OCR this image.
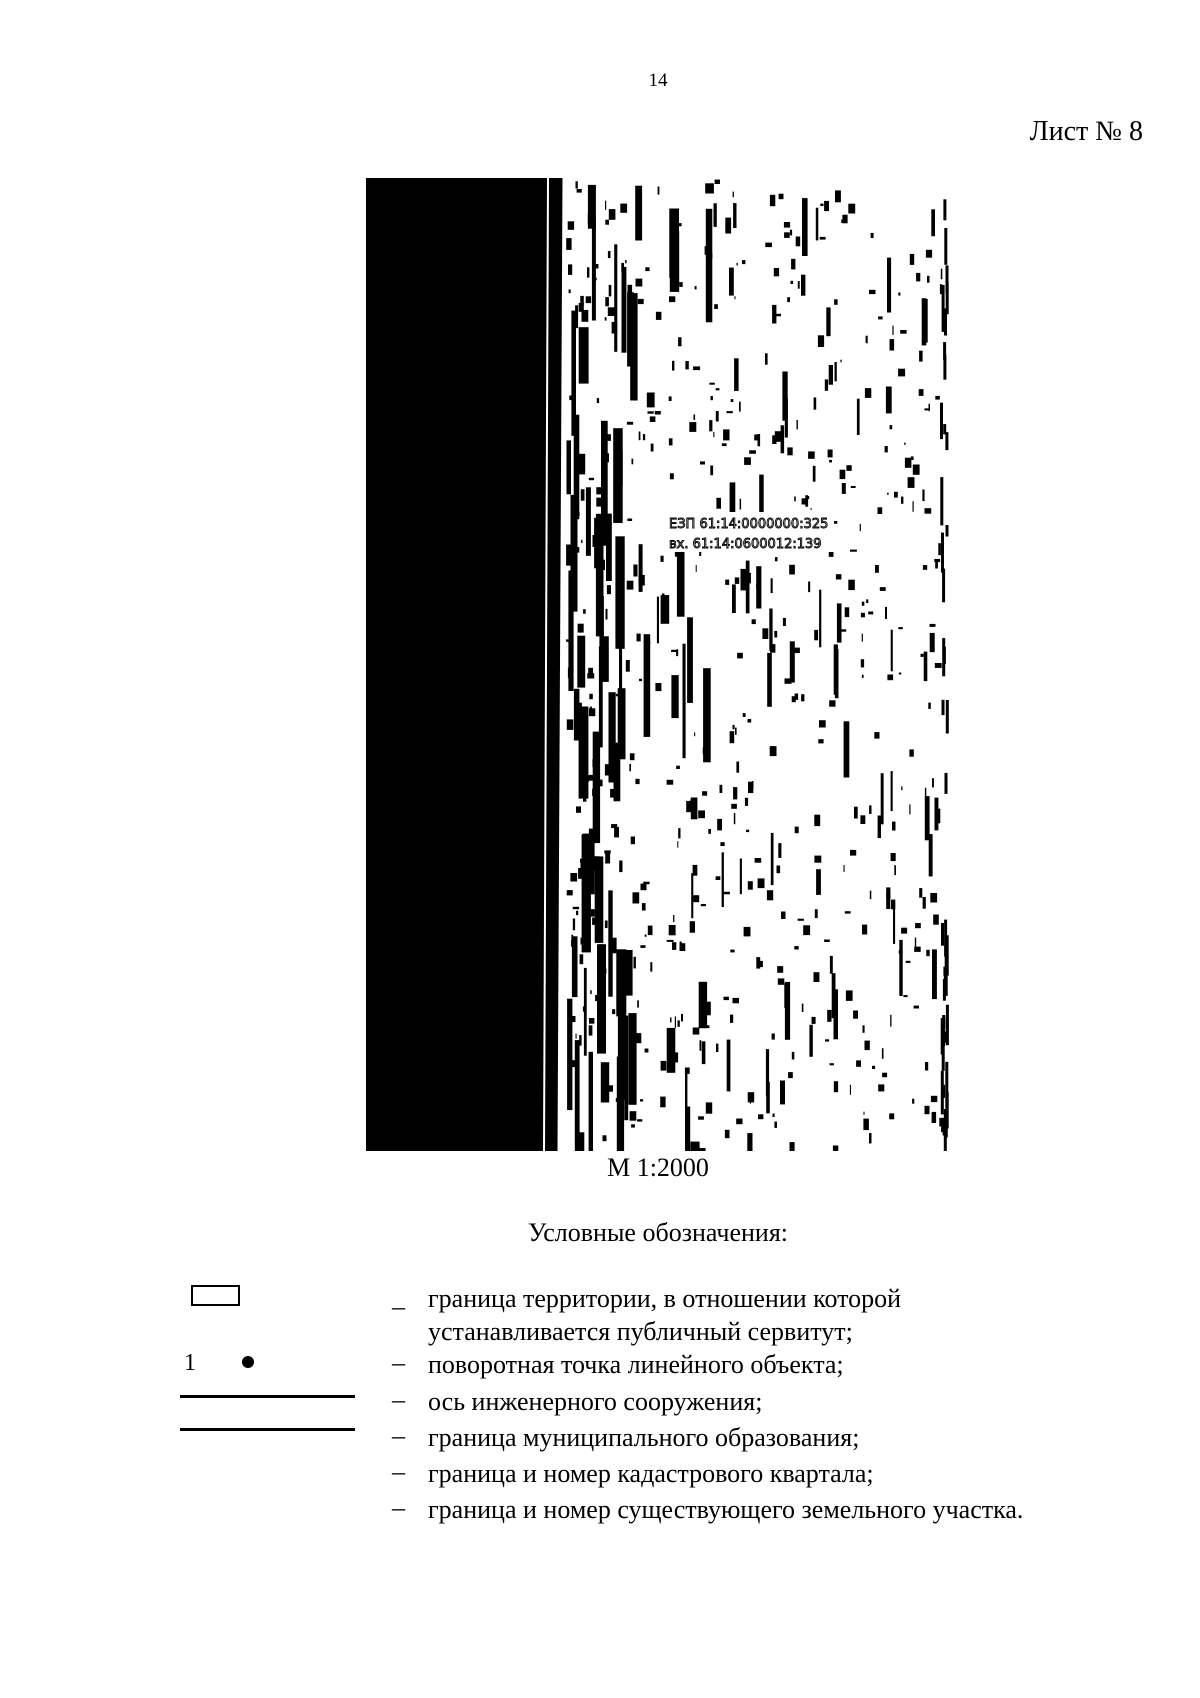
14
Лист № 8
ЕЗП 61:14:0000000:325
вх. 61:14:0600012:139
М 1:2000
Условные обозначения:
1
– граница территории, в отношении которой
устанавливается публичный сервитут;
– поворотная точка линейного объекта;
– ось инженерного сооружения;
– граница муниципального образования;
– граница и номер кадастрового квартала;
– граница и номер существующего земельного участка.
